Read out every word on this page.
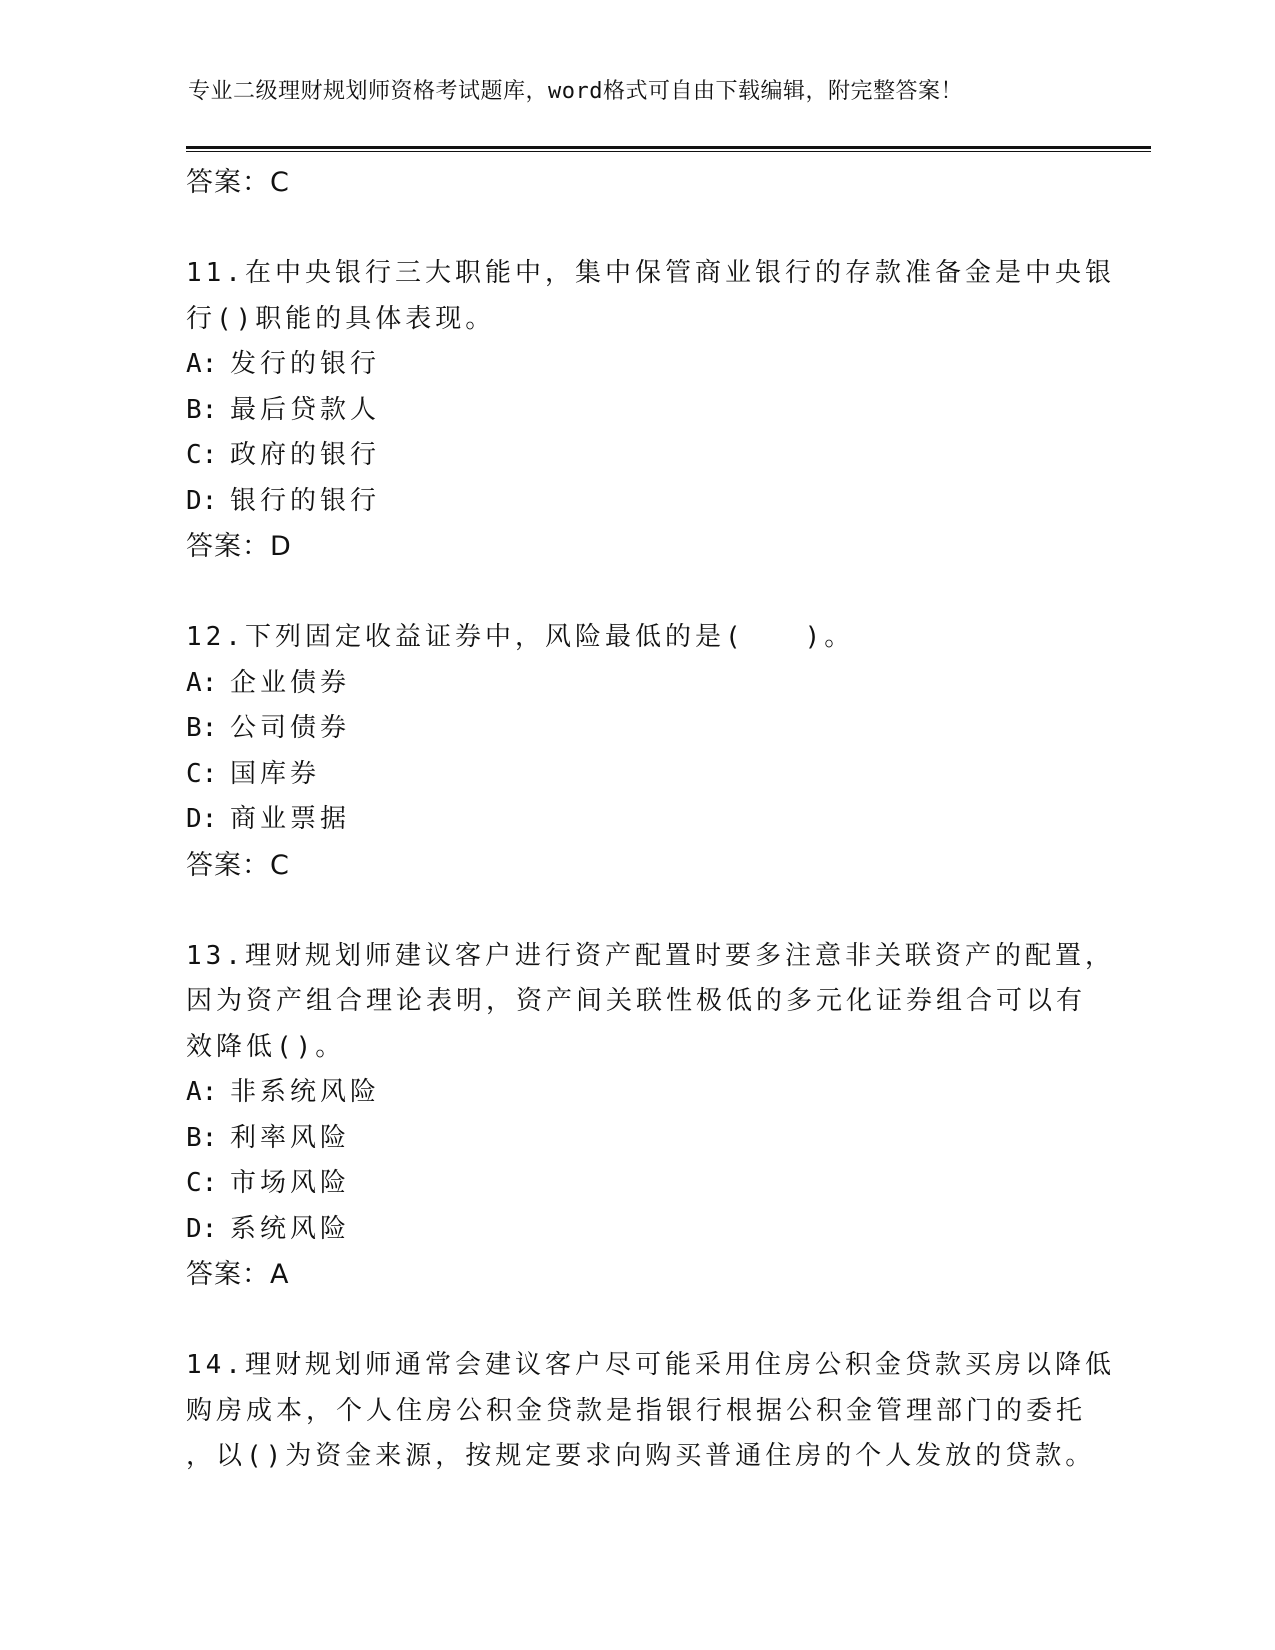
专业二级理财规划师资格考试题库，word格式可自由下载编辑，附完整答案！
答案：C
11.在中央银行三大职能中，集中保管商业银行的存款准备金是中央银
行()职能的具体表现。
A: 发行的银行
B: 最后贷款人
C: 政府的银行
D: 银行的银行
答案：D
12.下列固定收益证券中，风险最低的是(　　)。
A: 企业债券
B: 公司债券
C: 国库券
D: 商业票据
答案：C
13.理财规划师建议客户进行资产配置时要多注意非关联资产的配置，
因为资产组合理论表明，资产间关联性极低的多元化证券组合可以有
效降低()。
A: 非系统风险
B: 利率风险
C: 市场风险
D: 系统风险
答案：A
14.理财规划师通常会建议客户尽可能采用住房公积金贷款买房以降低
购房成本，个人住房公积金贷款是指银行根据公积金管理部门的委托
，以()为资金来源，按规定要求向购买普通住房的个人发放的贷款。
